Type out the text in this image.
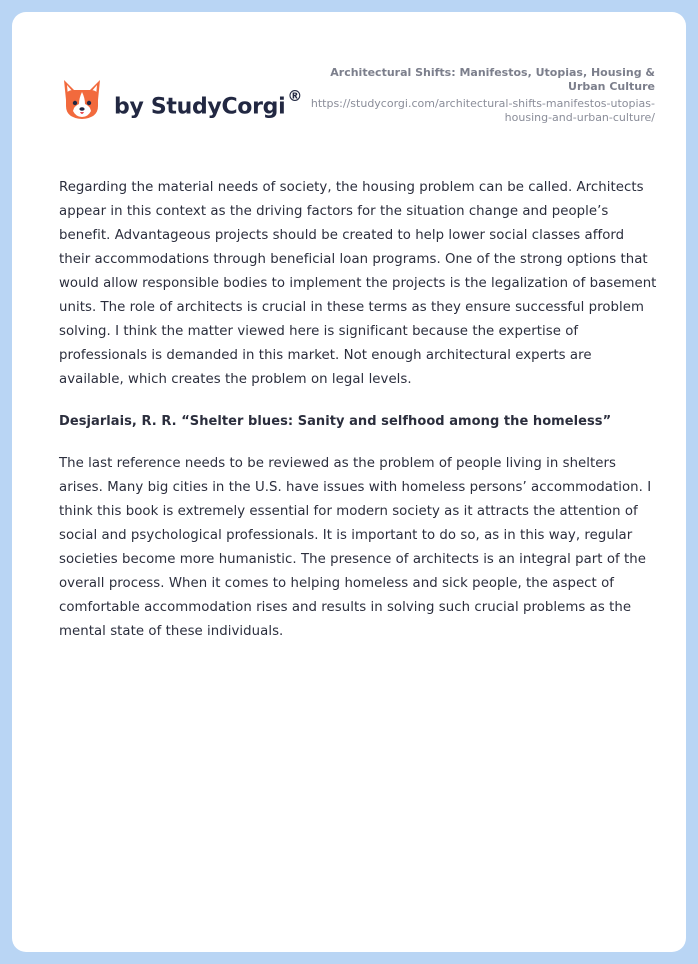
by StudyCorgi ®
Architectural Shifts: Manifestos, Utopias, Housing & Urban Culture
https://studycorgi.com/architectural-shifts-manifestos-utopias-housing-and-urban-culture/

Regarding the material needs of society, the housing problem can be called. Architects appear in this context as the driving factors for the situation change and people’s benefit. Advantageous projects should be created to help lower social classes afford their accommodations through beneficial loan programs. One of the strong options that would allow responsible bodies to implement the projects is the legalization of basement units. The role of architects is crucial in these terms as they ensure successful problem solving. I think the matter viewed here is significant because the expertise of professionals is demanded in this market. Not enough architectural experts are available, which creates the problem on legal levels.

Desjarlais, R. R. “Shelter blues: Sanity and selfhood among the homeless”

The last reference needs to be reviewed as the problem of people living in shelters arises. Many big cities in the U.S. have issues with homeless persons’ accommodation. I think this book is extremely essential for modern society as it attracts the attention of social and psychological professionals. It is important to do so, as in this way, regular societies become more humanistic. The presence of architects is an integral part of the overall process. When it comes to helping homeless and sick people, the aspect of comfortable accommodation rises and results in solving such crucial problems as the mental state of these individuals.
